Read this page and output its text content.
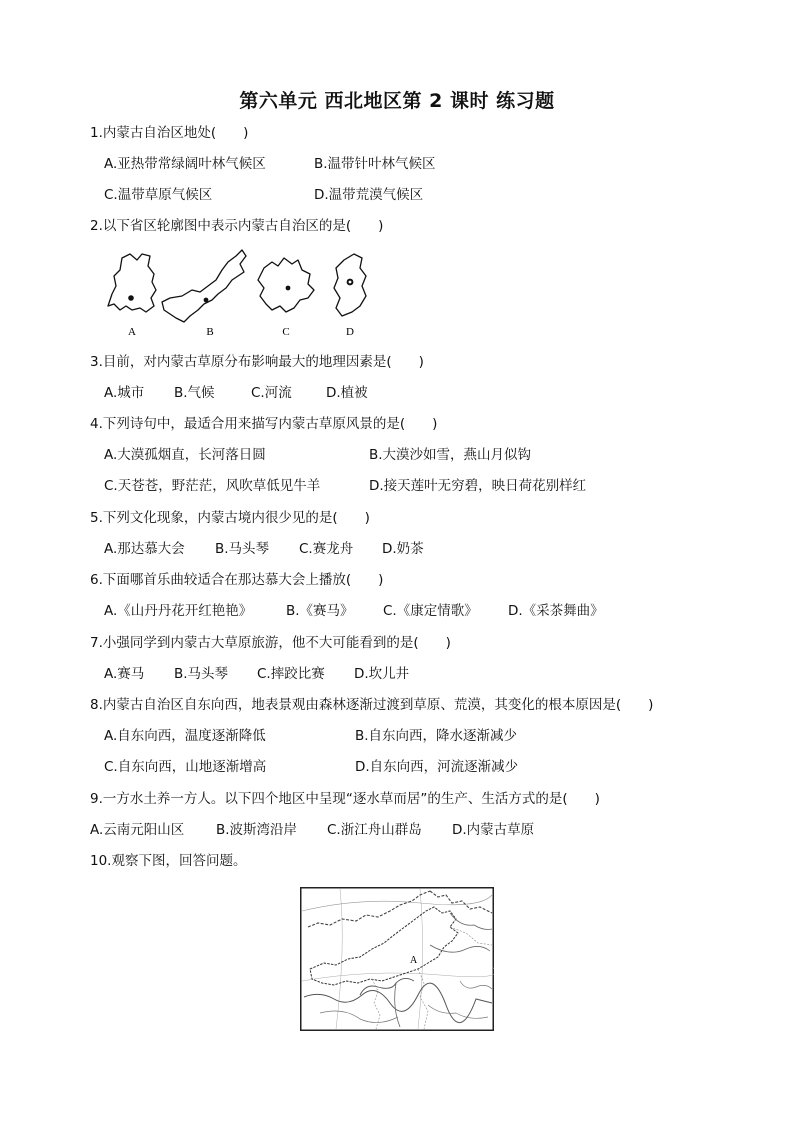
第六单元 西北地区第 2 课时 练习题
1.内蒙古自治区地处(　　)
A.亚热带常绿阔叶林气候区	B.温带针叶林气候区
C.温带草原气候区	D.温带荒漠气候区
2.以下省区轮廓图中表示内蒙古自治区的是(　　)
A	B	C	D
3.目前，对内蒙古草原分布影响最大的地理因素是(　　)
A.城市 B.气候	C.河流	D.植被
4.下列诗句中，最适合用来描写内蒙古草原风景的是(　　)
A.大漠孤烟直，长河落日圆	B.大漠沙如雪，燕山月似钩
C.天苍苍，野茫茫，风吹草低见牛羊	D.接天莲叶无穷碧，映日荷花别样红
5.下列文化现象，内蒙古境内很少见的是(　　)
A.那达慕大会 B.马头琴 C.赛龙舟 D.奶茶
6.下面哪首乐曲较适合在那达慕大会上播放(　　)
A.《山丹丹花开红艳艳》 B.《赛马》 C.《康定情歌》 D.《采茶舞曲》
7.小强同学到内蒙古大草原旅游，他不大可能看到的是(　　)
A.赛马 B.马头琴 C.摔跤比赛 D.坎儿井
8.内蒙古自治区自东向西，地表景观由森林逐渐过渡到草原、荒漠，其变化的根本原因是(　　)
A.自东向西，温度逐渐降低	B.自东向西，降水逐渐减少
C.自东向西，山地逐渐增高	D.自东向西，河流逐渐减少
9.一方水土养一方人。以下四个地区中呈现“逐水草而居”的生产、生活方式的是(　　)
A.云南元阳山区 B.波斯湾沿岸 C.浙江舟山群岛 D.内蒙古草原
10.观察下图，回答问题。
A
